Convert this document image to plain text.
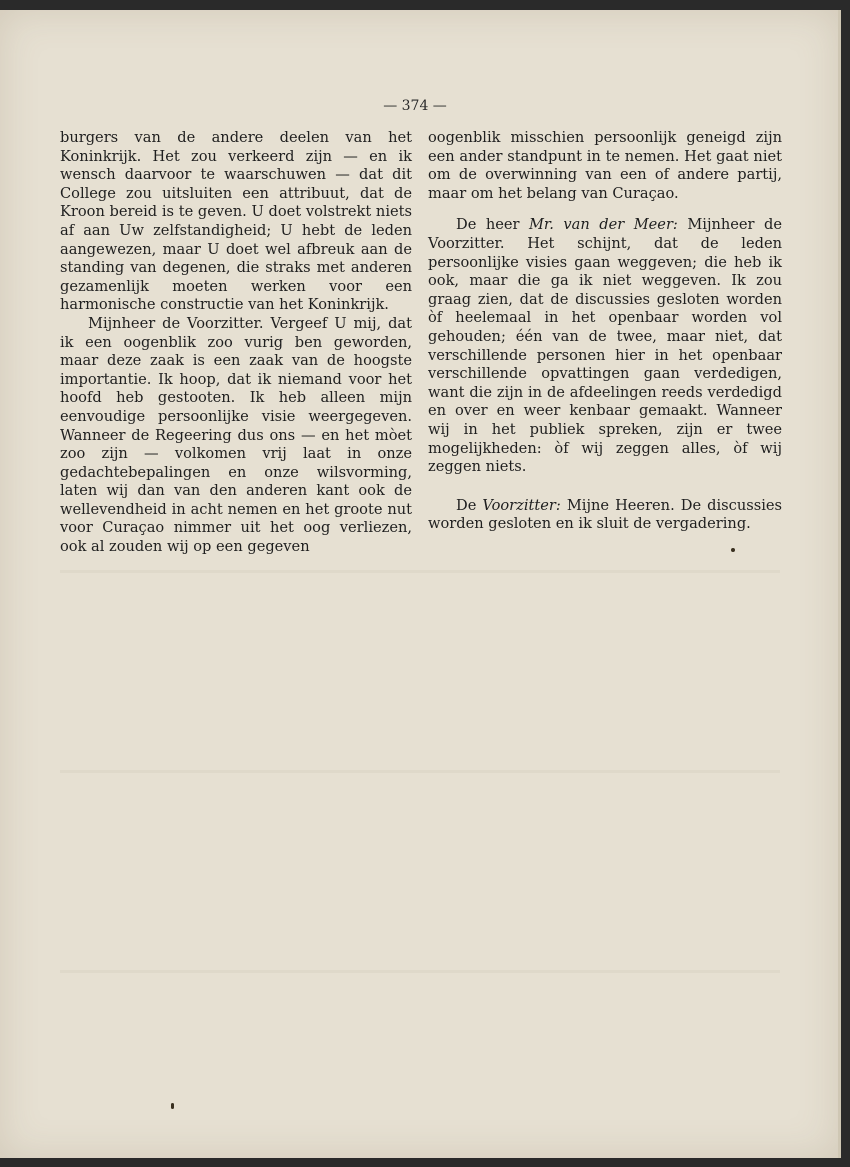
— 374 —

burgers van de andere deelen van het Koninkrijk. Het zou verkeerd zijn — en ik wensch daarvoor te waarschuwen — dat dit College zou uitsluiten een attribuut, dat de Kroon bereid is te geven. U doet volstrekt niets af aan Uw zelfstandigheid; U hebt de leden aangewezen, maar U doet wel afbreuk aan de standing van degenen, die straks met anderen gezamenlijk moeten werken voor een harmonische constructie van het Koninkrijk.

Mijnheer de Voorzitter. Vergeef U mij, dat ik een oogenblik zoo vurig ben geworden, maar deze zaak is een zaak van de hoogste importantie. Ik hoop, dat ik niemand voor het hoofd heb gestooten. Ik heb alleen mijn eenvoudige persoonlijke visie weergegeven. Wanneer de Regeering dus ons — en het mòet zoo zijn — volkomen vrij laat in onze gedachtebepalingen en onze wilsvorming, laten wij dan van den anderen kant ook de wellevendheid in acht nemen en het groote nut voor Curaçao nimmer uit het oog verliezen, ook al zouden wij op een gegeven

oogenblik misschien persoonlijk geneigd zijn een ander standpunt in te nemen. Het gaat niet om de overwinning van een of andere partij, maar om het belang van Curaçao.

De heer Mr. van der Meer: Mijnheer de Voorzitter. Het schijnt, dat de leden persoonlijke visies gaan weggeven; die heb ik ook, maar die ga ik niet weggeven. Ik zou graag zien, dat de discussies gesloten worden òf heelemaal in het openbaar worden vol gehouden; één van de twee, maar niet, dat verschillende personen hier in het openbaar verschillende opvattingen gaan verdedigen, want die zijn in de afdeelingen reeds verdedigd en over en weer kenbaar gemaakt. Wanneer wij in het publiek spreken, zijn er twee mogelijkheden: òf wij zeggen alles, òf wij zeggen niets.

De Voorzitter: Mijne Heeren. De discussies worden gesloten en ik sluit de vergadering.
